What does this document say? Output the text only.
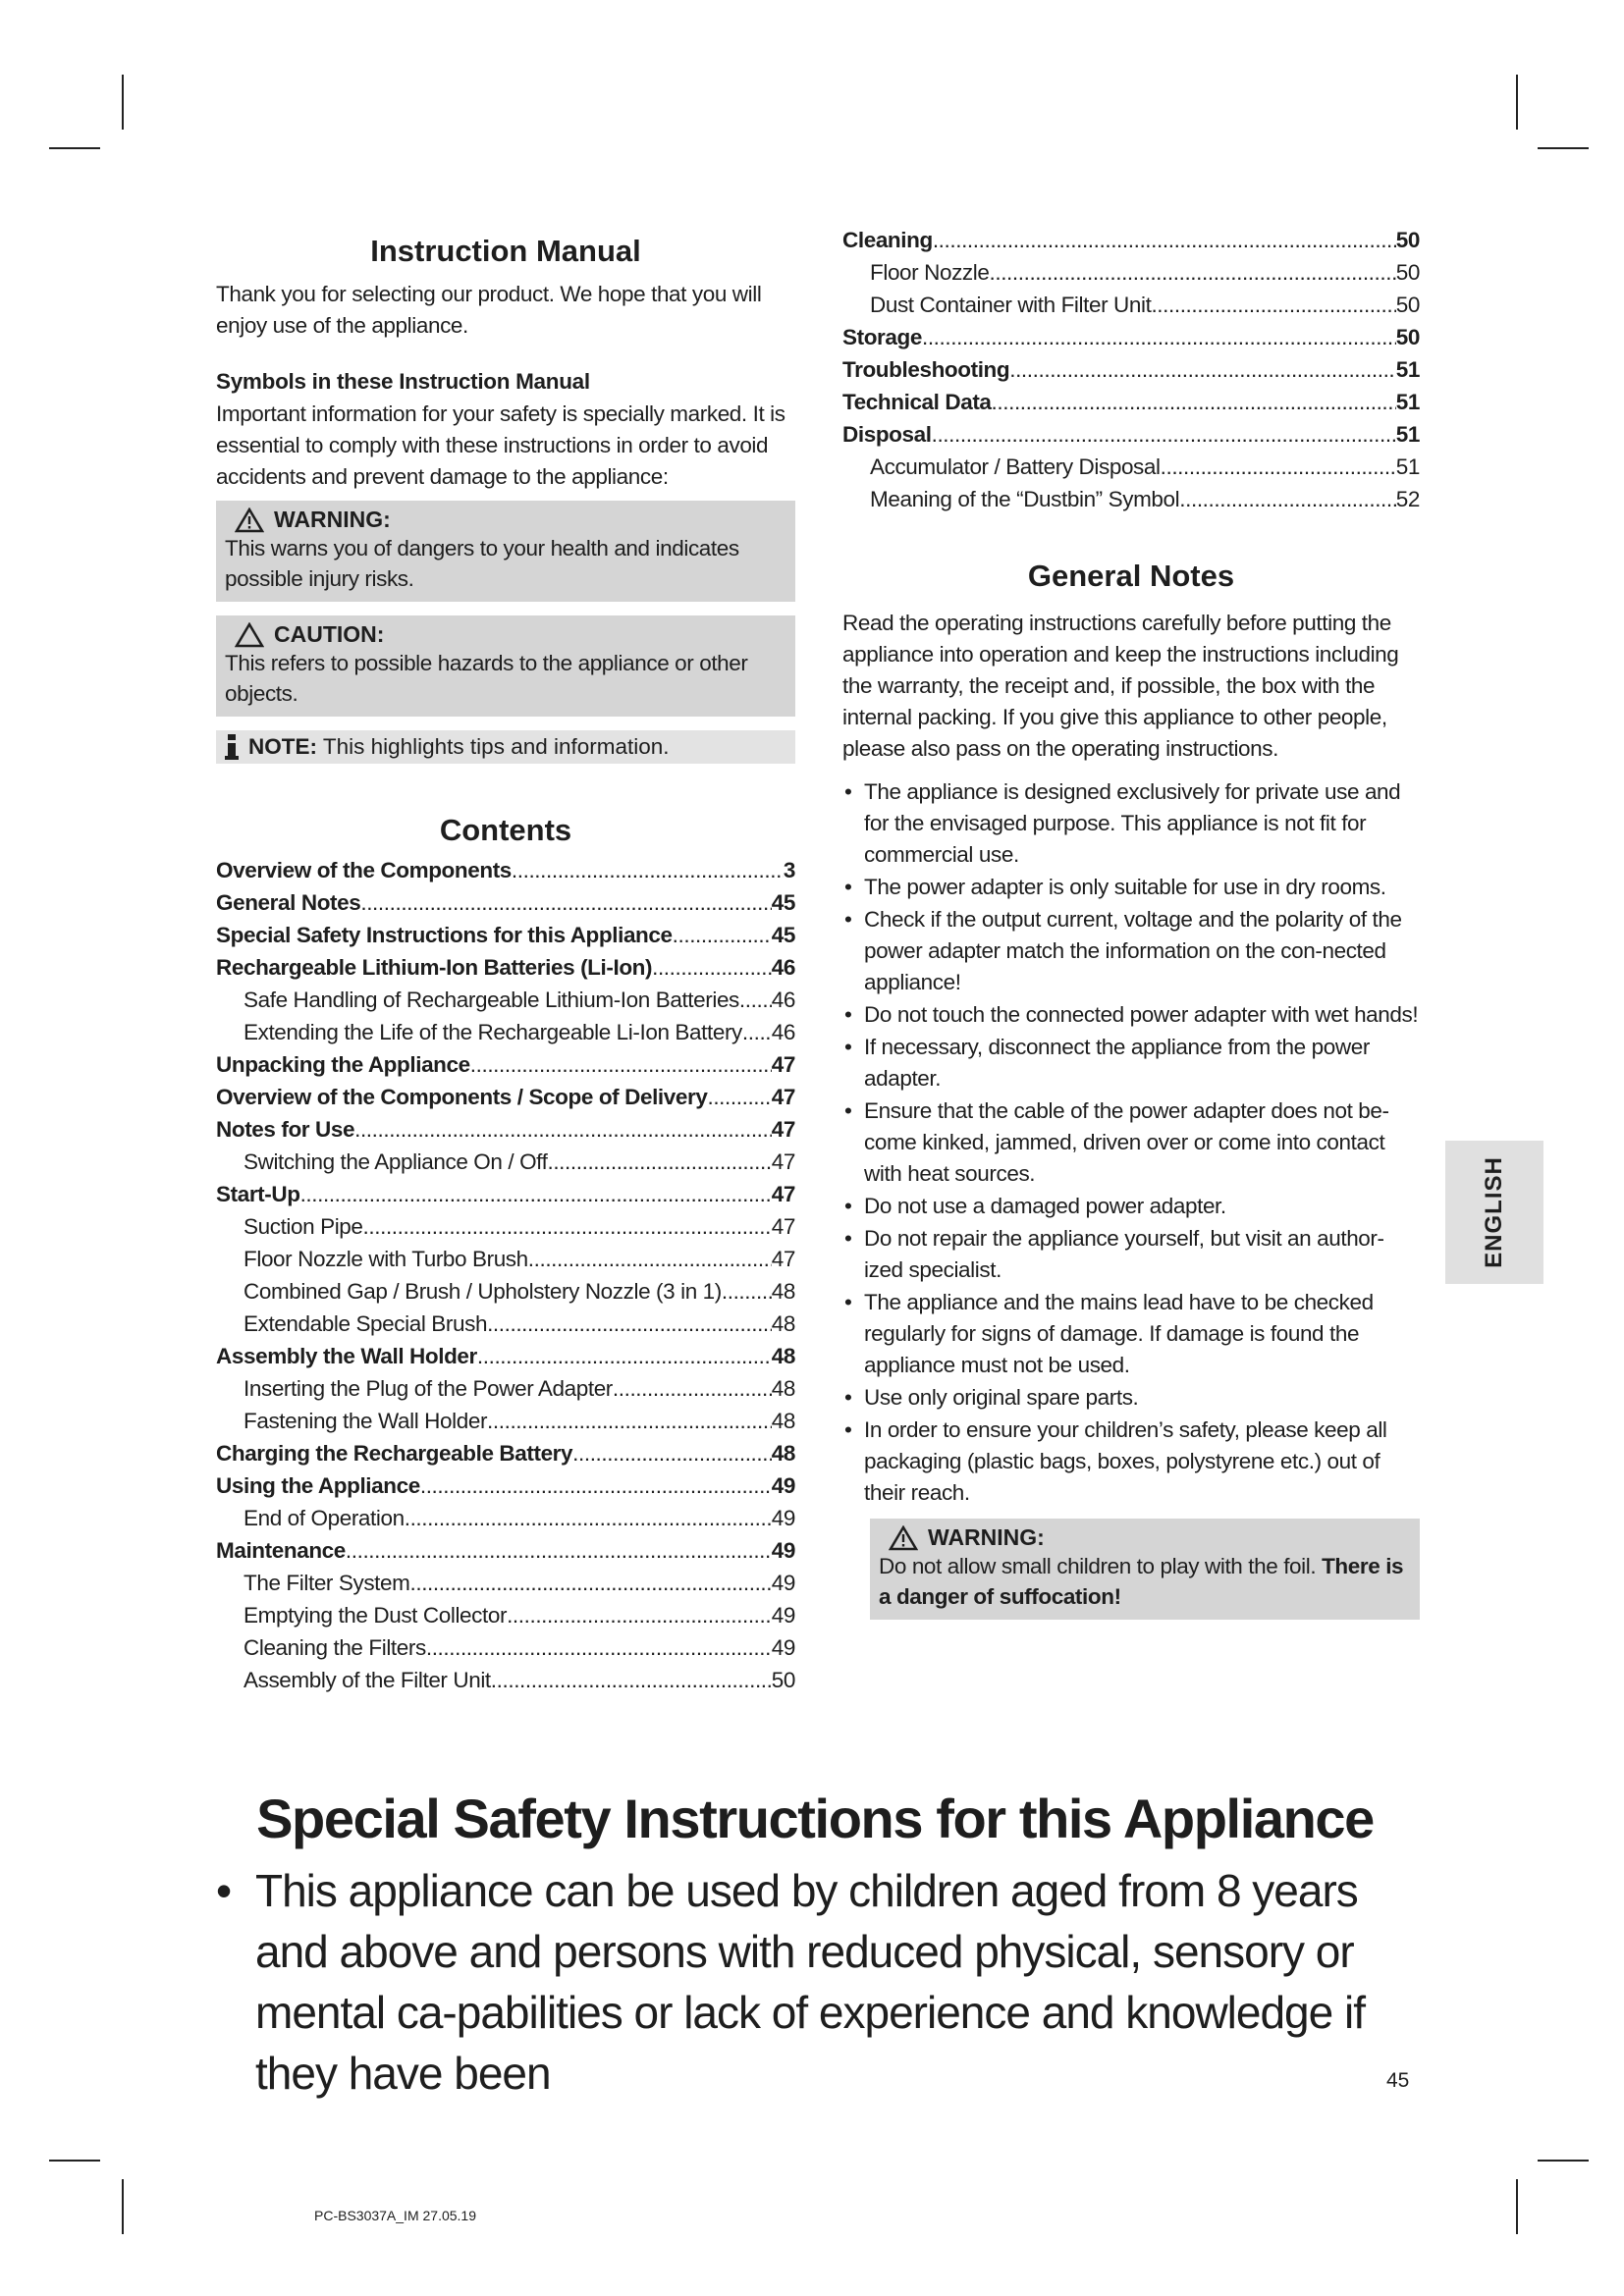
Instruction Manual

Thank you for selecting our product. We hope that you will enjoy use of the appliance.

Symbols in these Instruction Manual

Important information for your safety is specially marked. It is essential to comply with these instructions in order to avoid accidents and prevent damage to the appliance:

WARNING:
This warns you of dangers to your health and indicates possible injury risks.
CAUTION:
This refers to possible hazards to the appliance or other objects.
NOTE: This highlights tips and information.
Contents
Overview of the Components .....	3
General Notes .....	45
Special Safety Instructions for this Appliance .....	45
Rechargeable Lithium-Ion Batteries (Li-Ion) .....	46
Safe Handling of Rechargeable Lithium-Ion Batteries ..... 46
Extending the Life of the Rechargeable Li-Ion Battery ..... 46
Unpacking the Appliance .....	47
Overview of the Components / Scope of Delivery .....	47
Notes for Use .....	47
Switching the Appliance On / Off .....	47
Start-Up .....	47
Suction Pipe .....	47
Floor Nozzle with Turbo Brush .....	47
Combined Gap / Brush / Upholstery Nozzle (3 in 1) ..... 48
Extendable Special Brush .....	48
Assembly the Wall Holder .....	48
Inserting the Plug of the Power Adapter .....	48
Fastening the Wall Holder .....	48
Charging the Rechargeable Battery .....	48
Using the Appliance .....	49
End of Operation .....	49
Maintenance .....	49
The Filter System .....	49
Emptying the Dust Collector .....	49
Cleaning the Filters .....	49
Assembly of the Filter Unit .....	50
Cleaning .....	50
Floor Nozzle .....	50
Dust Container with Filter Unit .....	50
Storage .....	50
Troubleshooting .....	51
Technical Data .....	51
Disposal .....	51
Accumulator / Battery Disposal .....	51
Meaning of the “Dustbin” Symbol .....	52
General Notes

Read the operating instructions carefully before putting the appliance into operation and keep the instructions including the warranty, the receipt and, if possible, the box with the internal packing. If you give this appliance to other people, please also pass on the operating instructions.

• The appliance is designed exclusively for private use and for the envisaged purpose. This appliance is not fit for commercial use.
• The power adapter is only suitable for use in dry rooms.
• Check if the output current, voltage and the polarity of the power adapter match the information on the con-nected appliance!
• Do not touch the connected power adapter with wet hands!
• If necessary, disconnect the appliance from the power adapter.
• Ensure that the cable of the power adapter does not be-come kinked, jammed, driven over or come into contact with heat sources.
• Do not use a damaged power adapter.
• Do not repair the appliance yourself, but visit an author-ized specialist.
• The appliance and the mains lead have to be checked regularly for signs of damage. If damage is found the appliance must not be used.
• Use only original spare parts.
• In order to ensure your children’s safety, please keep all packaging (plastic bags, boxes, polystyrene etc.) out of their reach.
WARNING:
Do not allow small children to play with the foil. There is a danger of suffocation!
ENGLISH
Special Safety Instructions for this Appliance
• This appliance can be used by children aged from 8 years and above and persons with reduced physical, sensory or mental ca-pabilities or lack of experience and knowledge if they have been	45
PC-BS3037A_IM 27.05.19
